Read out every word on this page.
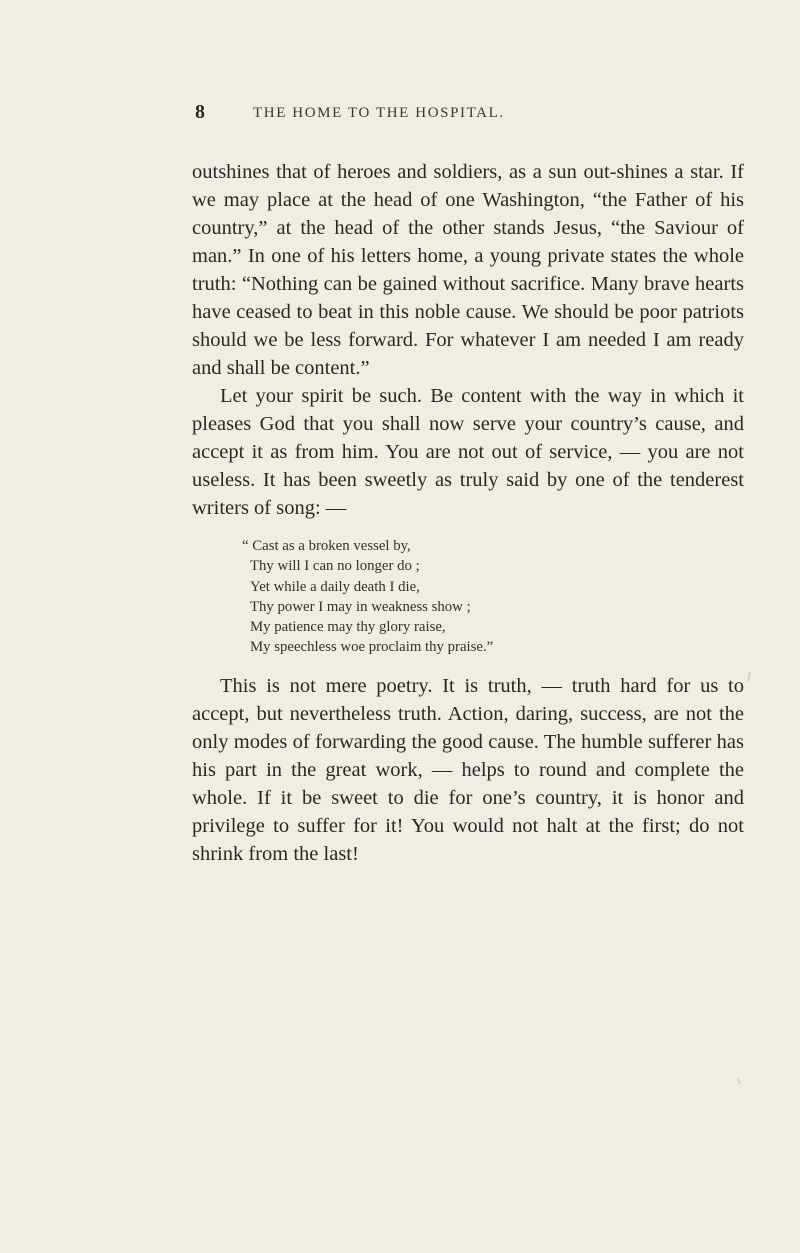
8	THE HOME TO THE HOSPITAL.

outshines that of heroes and soldiers, as a sun out-shines a star. If we may place at the head of one Washington, “the Father of his country,” at the head of the other stands Jesus, “the Saviour of man.” In one of his letters home, a young private states the whole truth: “Nothing can be gained without sacrifice. Many brave hearts have ceased to beat in this noble cause. We should be poor patriots should we be less forward. For whatever I am needed I am ready and shall be content.”

Let your spirit be such. Be content with the way in which it pleases God that you shall now serve your country’s cause, and accept it as from him. You are not out of service, — you are not useless. It has been sweetly as truly said by one of the tenderest writers of song: —

“ Cast as a broken vessel by,
Thy will I can no longer do ;
Yet while a daily death I die,
Thy power I may in weakness show ;
My patience may thy glory raise,
My speechless woe proclaim thy praise.”

This is not mere poetry. It is truth, — truth hard for us to accept, but nevertheless truth. Action, daring, success, are not the only modes of forwarding the good cause. The humble sufferer has his part in the great work, — helps to round and complete the whole. If it be sweet to die for one’s country, it is honor and privilege to suffer for it! You would not halt at the first; do not shrink from the last!
